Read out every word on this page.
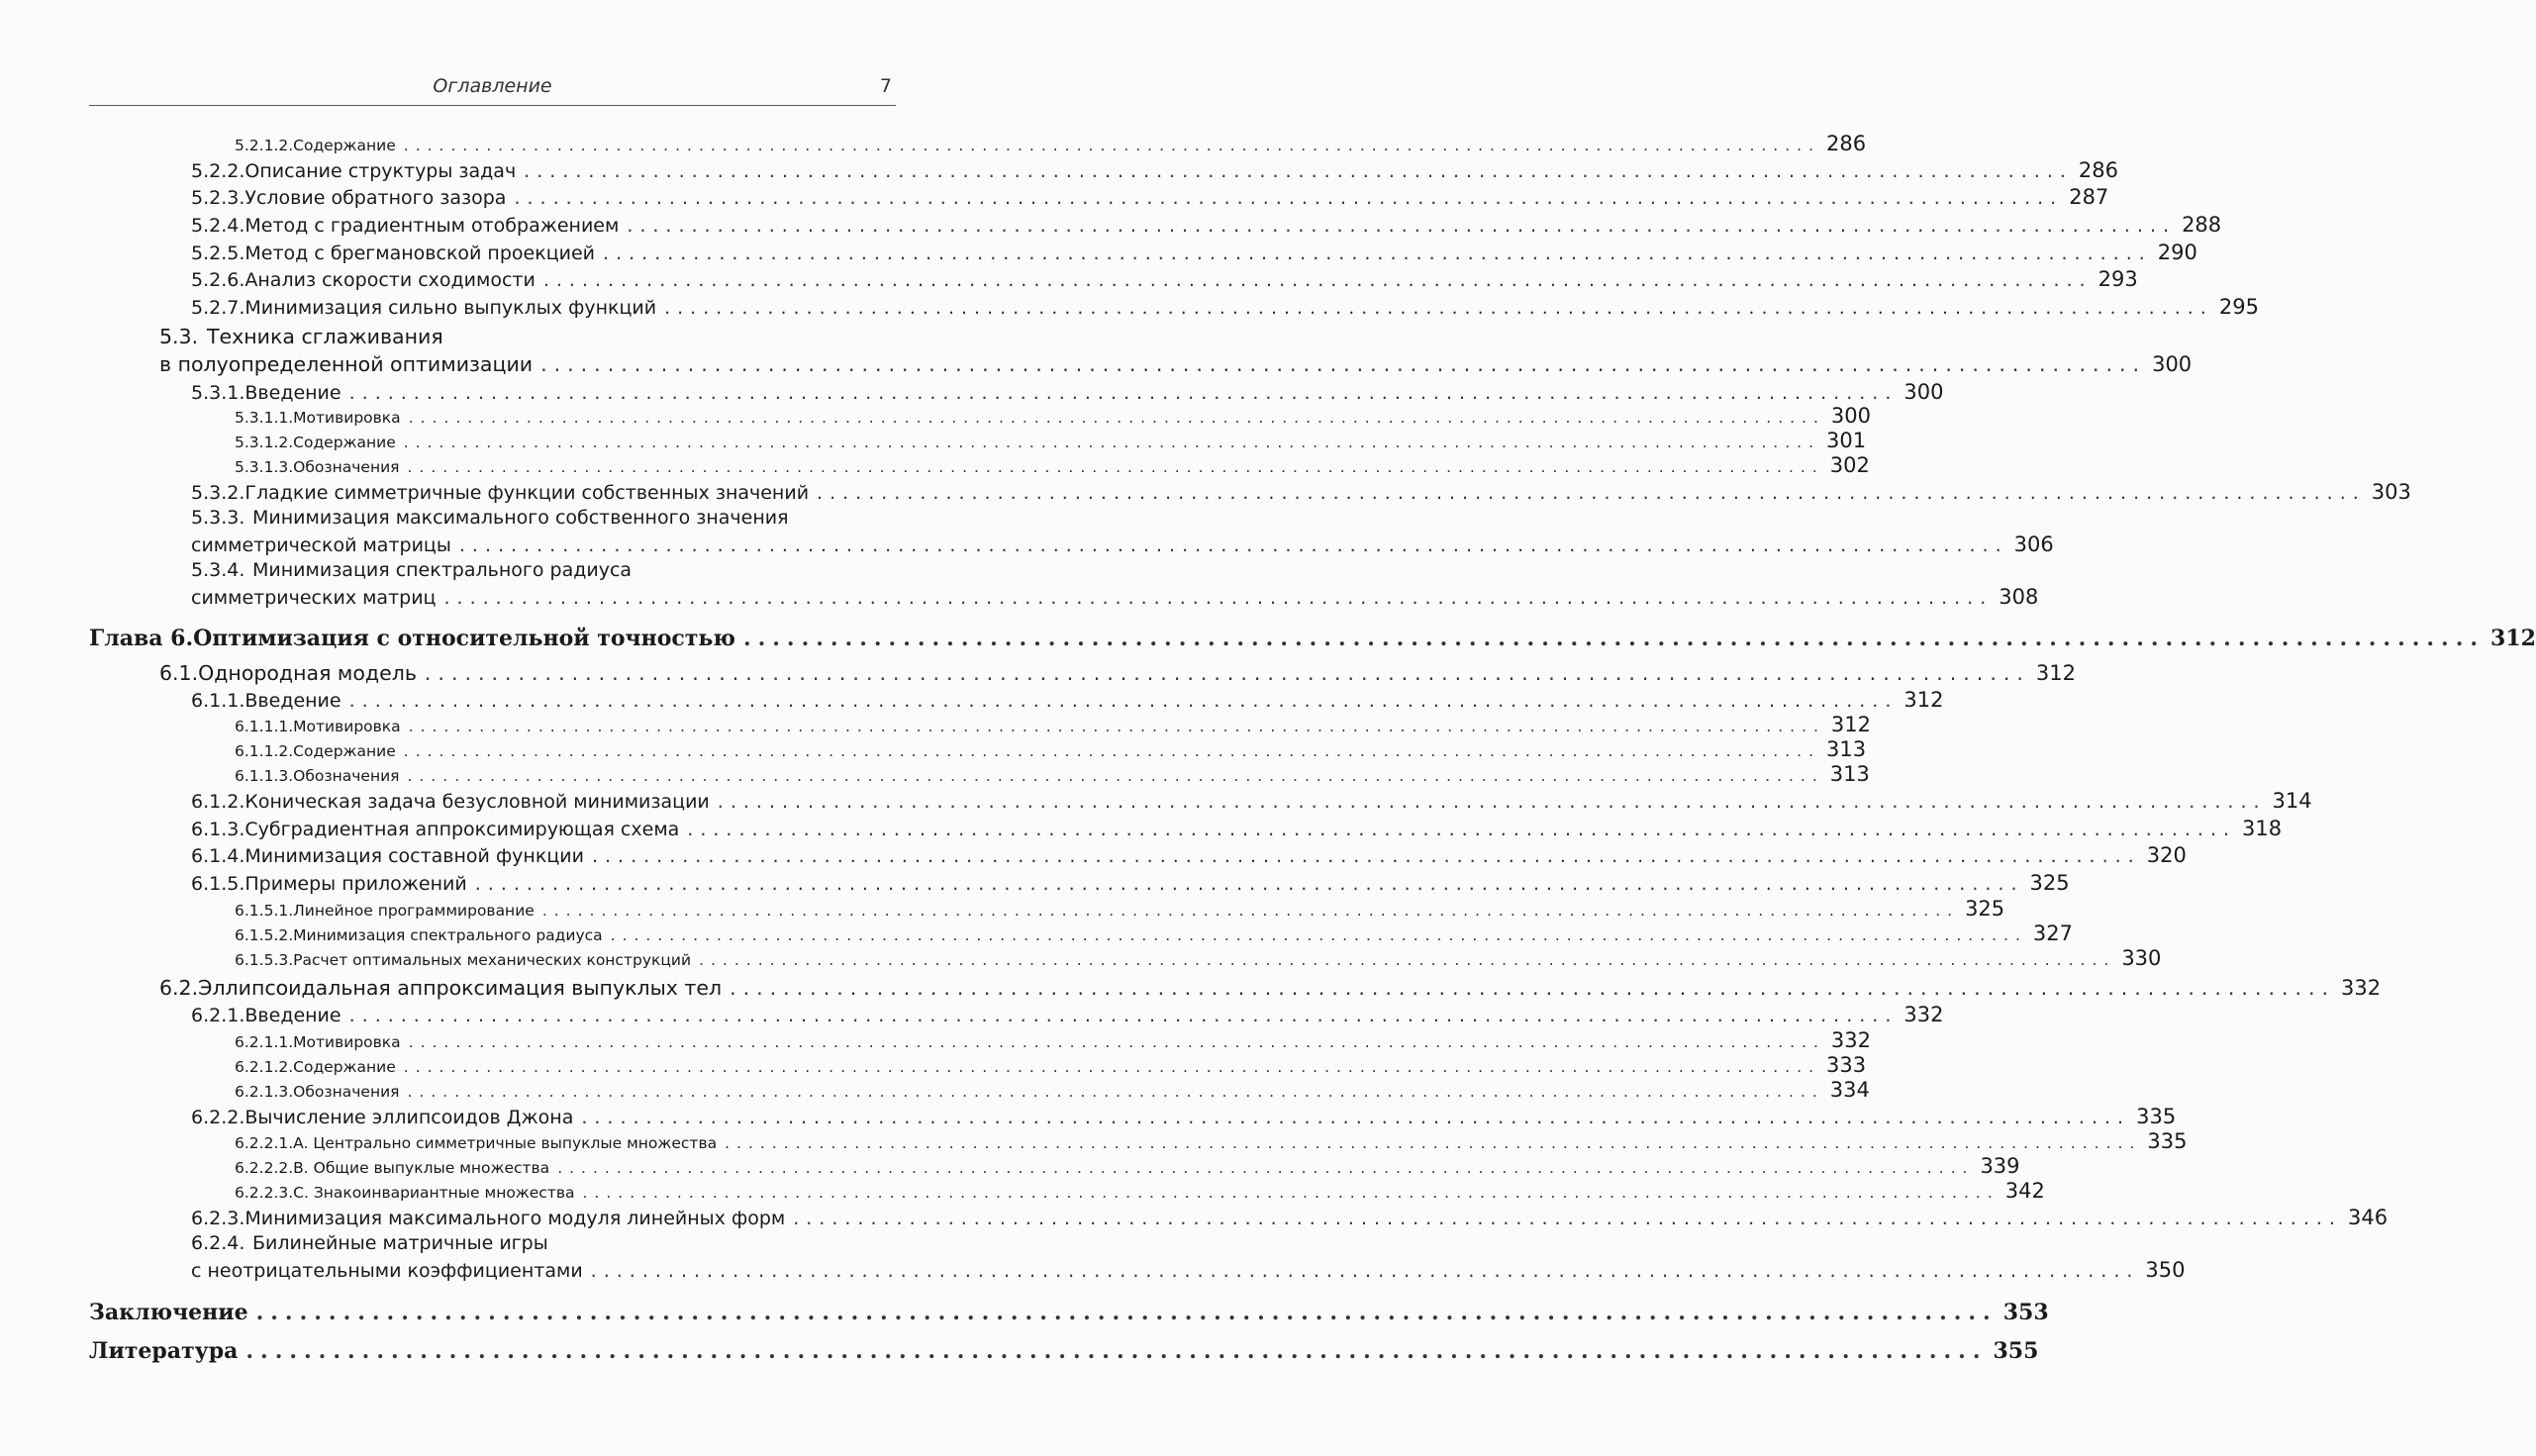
Оглавление	7
5.2.1.2. Содержание ........................................................................................................................ 286
5.2.2. Описание структуры задач ........................................................................................................................ 286
5.2.3. Условие обратного зазора ........................................................................................................................ 287
5.2.4. Метод с градиентным отображением ........................................................................................................................ 288
5.2.5. Метод с брегмановской проекцией ........................................................................................................................ 290
5.2.6. Анализ скорости сходимости ........................................................................................................................ 293
5.2.7. Минимизация сильно выпуклых функций ........................................................................................................................ 295
5.3. Техника сглаживания
в полуопределенной оптимизации ........................................................................................................................ 300
5.3.1. Введение ........................................................................................................................ 300
5.3.1.1. Мотивировка ........................................................................................................................ 300
5.3.1.2. Содержание ........................................................................................................................ 301
5.3.1.3. Обозначения ........................................................................................................................ 302
5.3.2. Гладкие симметричные функции собственных значений ........................................................................................................................ 303
5.3.3. Минимизация максимального собственного значения
симметрической матрицы ........................................................................................................................ 306
5.3.4. Минимизация спектрального радиуса
симметрических матриц ........................................................................................................................ 308
Глава 6. Оптимизация с относительной точностью ........................................................................................................................ 312
6.1. Однородная модель ........................................................................................................................ 312
6.1.1. Введение ........................................................................................................................ 312
6.1.1.1. Мотивировка ........................................................................................................................ 312
6.1.1.2. Содержание ........................................................................................................................ 313
6.1.1.3. Обозначения ........................................................................................................................ 313
6.1.2. Коническая задача безусловной минимизации ........................................................................................................................ 314
6.1.3. Субградиентная аппроксимирующая схема ........................................................................................................................ 318
6.1.4. Минимизация составной функции ........................................................................................................................ 320
6.1.5. Примеры приложений ........................................................................................................................ 325
6.1.5.1. Линейное программирование ........................................................................................................................ 325
6.1.5.2. Минимизация спектрального радиуса ........................................................................................................................ 327
6.1.5.3. Расчет оптимальных механических конструкций ........................................................................................................................ 330
6.2. Эллипсоидальная аппроксимация выпуклых тел ........................................................................................................................ 332
6.2.1. Введение ........................................................................................................................ 332
6.2.1.1. Мотивировка ........................................................................................................................ 332
6.2.1.2. Содержание ........................................................................................................................ 333
6.2.1.3. Обозначения ........................................................................................................................ 334
6.2.2. Вычисление эллипсоидов Джона ........................................................................................................................ 335
6.2.2.1. A. Центрально симметричные выпуклые множества ........................................................................................................................ 335
6.2.2.2. B. Общие выпуклые множества ........................................................................................................................ 339
6.2.2.3. C. Знакоинвариантные множества ........................................................................................................................ 342
6.2.3. Минимизация максимального модуля линейных форм ........................................................................................................................ 346
6.2.4. Билинейные матричные игры
с неотрицательными коэффициентами ........................................................................................................................ 350
Заключение ........................................................................................................................ 353
Литература ........................................................................................................................ 355
